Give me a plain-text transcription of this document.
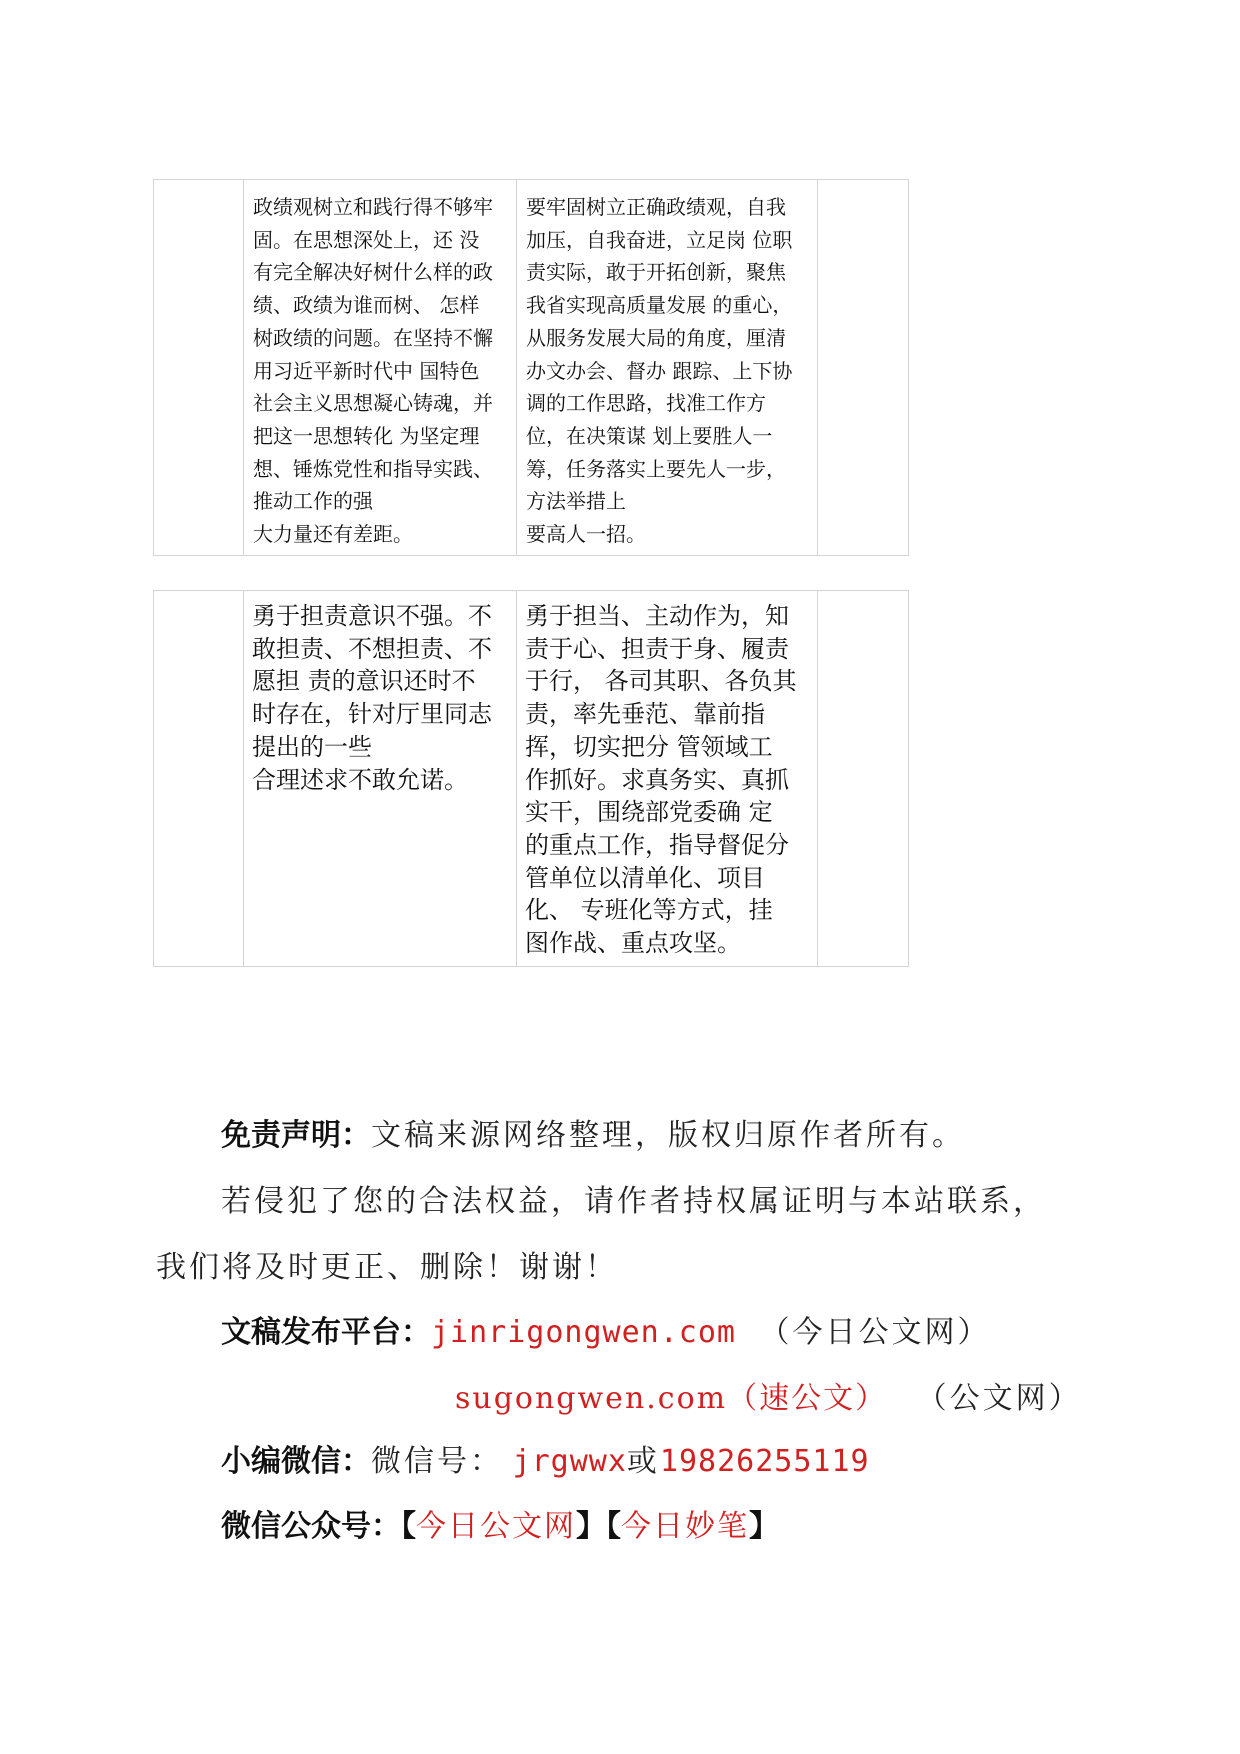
政绩观树立和践行得不够牢
固。在思想深处上，还 没
有完全解决好树什么样的政
绩、政绩为谁而树、 怎样
树政绩的问题。在坚持不懈
用习近平新时代中 国特色
社会主义思想凝心铸魂，并
把这一思想转化 为坚定理
想、锤炼党性和指导实践、
推动工作的强
大力量还有差距。

要牢固树立正确政绩观，自我
加压，自我奋进，立足岗 位职
责实际，敢于开拓创新，聚焦
我省实现高质量发展 的重心，
从服务发展大局的角度，厘清
办文办会、督办 跟踪、上下协
调的工作思路，找准工作方
位，在决策谋 划上要胜人一
筹，任务落实上要先人一步，
方法举措上
要高人一招。

勇于担责意识不强。不
敢担责、不想担责、不
愿担 责的意识还时不
时存在，针对厅里同志
提出的一些
合理述求不敢允诺。

勇于担当、主动作为，知
责于心、担责于身、履责
于行， 各司其职、各负其
责，率先垂范、靠前指
挥，切实把分 管领域工
作抓好。求真务实、真抓
实干，围绕部党委确 定
的重点工作，指导督促分
管单位以清单化、项目
化、 专班化等方式，挂
图作战、重点攻坚。

免责声明：文稿来源网络整理，版权归原作者所有。
若侵犯了您的合法权益，请作者持权属证明与本站联系，
我们将及时更正、删除！谢谢！
文稿发布平台：jinrigongwen.com （今日公文网）
sugongwen.com（速公文） （公文网）
小编微信：微信号： jrgwwx或19826255119
微信公众号：【今日公文网】【今日妙笔】
